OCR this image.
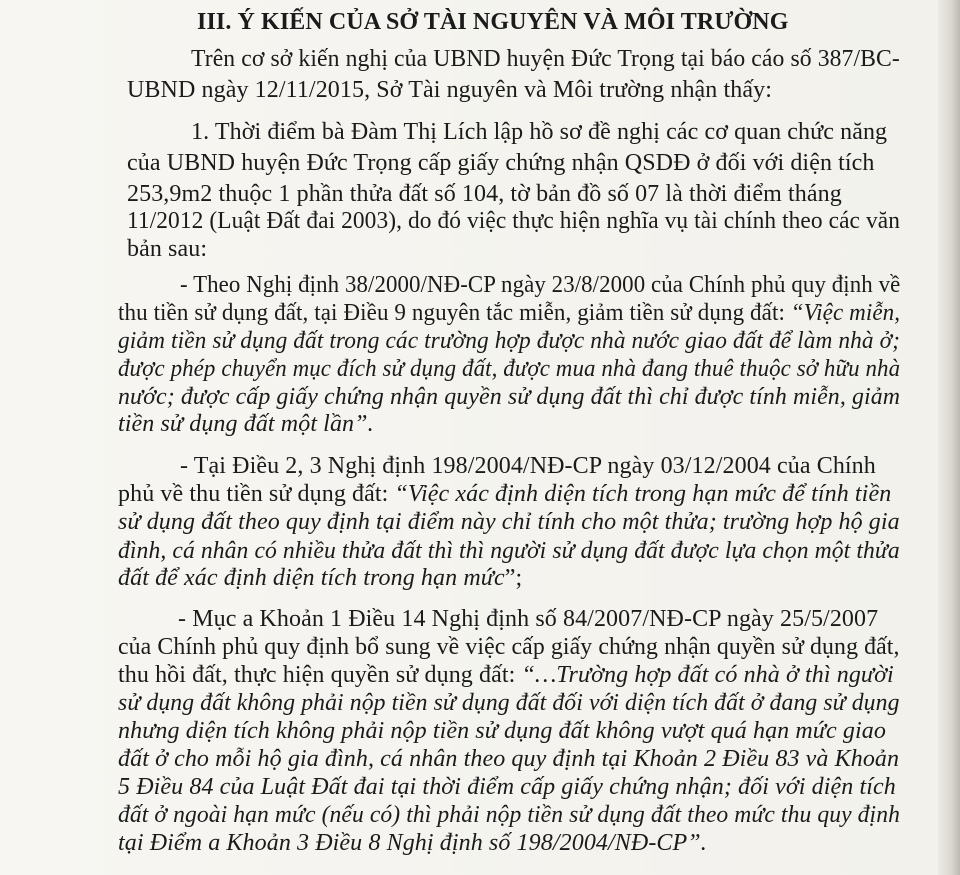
III. Ý KIẾN CỦA SỞ TÀI NGUYÊN VÀ MÔI TRƯỜNG
Trên cơ sở kiến nghị của UBND huyện Đức Trọng tại báo cáo số 387/BC-
UBND ngày 12/11/2015, Sở Tài nguyên và Môi trường nhận thấy:
1. Thời điểm bà Đàm Thị Lích lập hồ sơ đề nghị các cơ quan chức năng
của UBND huyện Đức Trọng cấp giấy chứng nhận QSDĐ ở đối với diện tích
253,9m2 thuộc 1 phần thửa đất số 104, tờ bản đồ số 07 là thời điểm tháng
11/2012 (Luật Đất đai 2003), do đó việc thực hiện nghĩa vụ tài chính theo các văn
bản sau:
- Theo Nghị định 38/2000/NĐ-CP ngày 23/8/2000 của Chính phủ quy định về
thu tiền sử dụng đất, tại Điều 9 nguyên tắc miễn, giảm tiền sử dụng đất: “Việc miễn,
giảm tiền sử dụng đất trong các trường hợp được nhà nước giao đất để làm nhà ở;
được phép chuyển mục đích sử dụng đất, được mua nhà đang thuê thuộc sở hữu nhà
nước; được cấp giấy chứng nhận quyền sử dụng đất thì chỉ được tính miễn, giảm
tiền sử dụng đất một lần”.
- Tại Điều 2, 3 Nghị định 198/2004/NĐ-CP ngày 03/12/2004 của Chính
phủ về thu tiền sử dụng đất: “Việc xác định diện tích trong hạn mức để tính tiền
sử dụng đất theo quy định tại điểm này chỉ tính cho một thửa; trường hợp hộ gia
đình, cá nhân có nhiều thửa đất thì thì người sử dụng đất được lựa chọn một thửa
đất để xác định diện tích trong hạn mức”;
- Mục a Khoản 1 Điều 14 Nghị định số 84/2007/NĐ-CP ngày 25/5/2007
của Chính phủ quy định bổ sung về việc cấp giấy chứng nhận quyền sử dụng đất,
thu hồi đất, thực hiện quyền sử dụng đất: “…Trường hợp đất có nhà ở thì người
sử dụng đất không phải nộp tiền sử dụng đất đối với diện tích đất ở đang sử dụng
nhưng diện tích không phải nộp tiền sử dụng đất không vượt quá hạn mức giao
đất ở cho mỗi hộ gia đình, cá nhân theo quy định tại Khoản 2 Điều 83 và Khoản
5 Điều 84 của Luật Đất đai tại thời điểm cấp giấy chứng nhận; đối với diện tích
đất ở ngoài hạn mức (nếu có) thì phải nộp tiền sử dụng đất theo mức thu quy định
tại Điểm a Khoản 3 Điều 8 Nghị định số 198/2004/NĐ-CP”.
